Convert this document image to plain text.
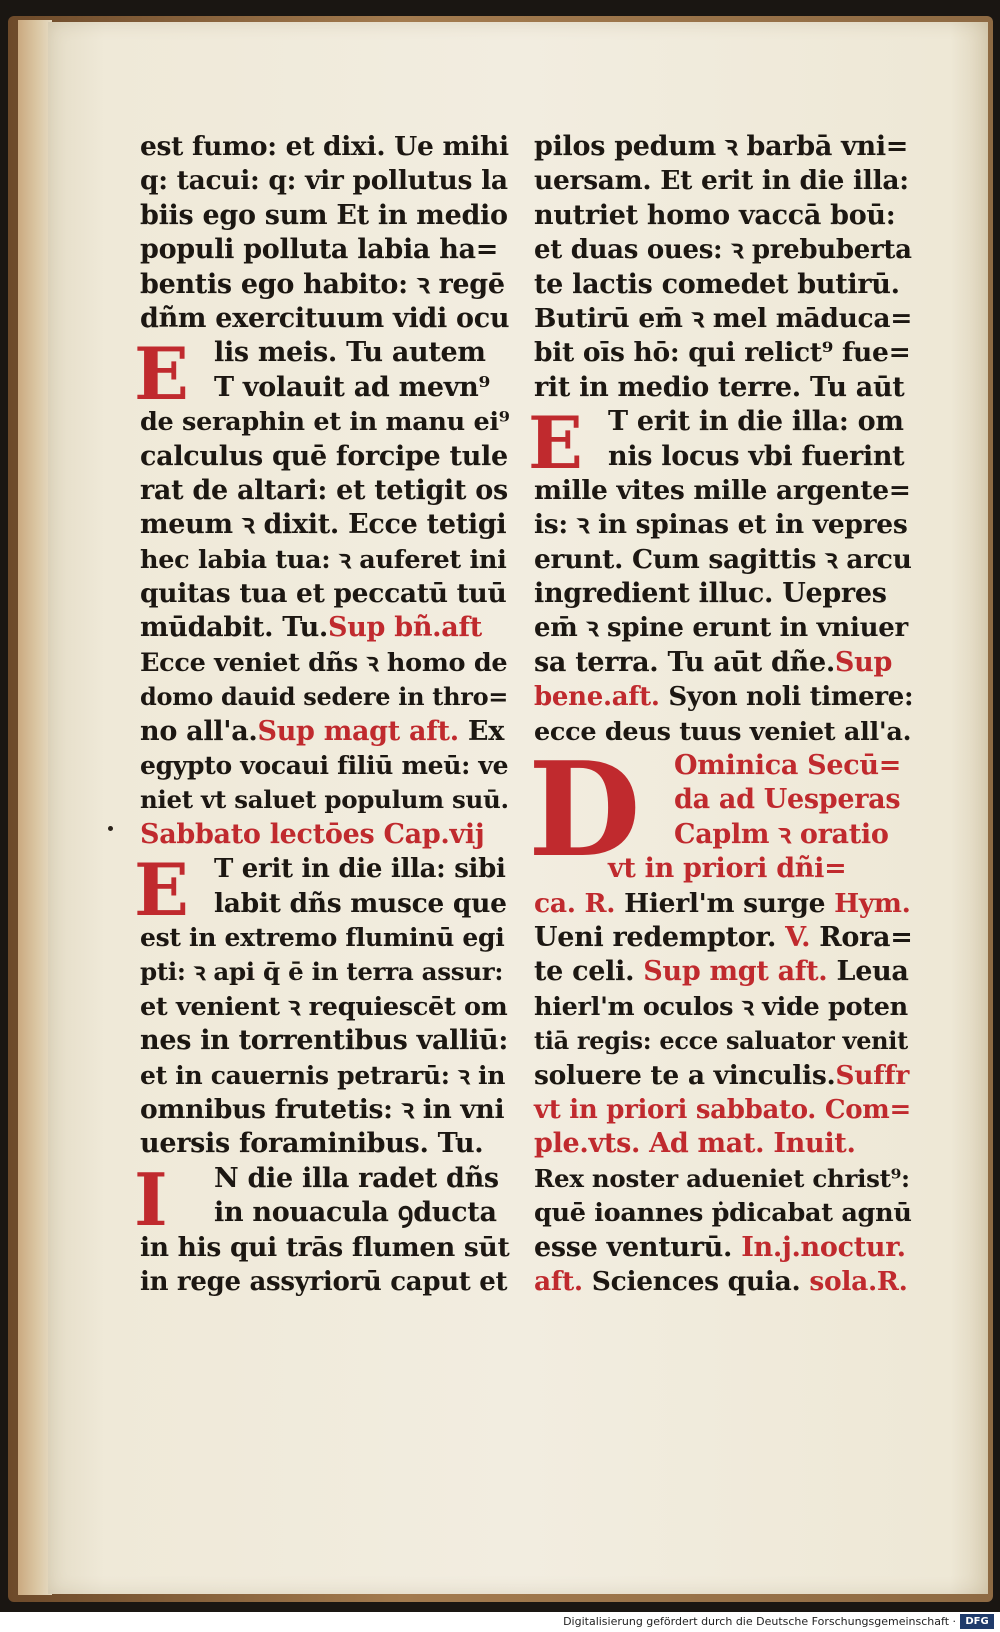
est fumo: et dixi. Ue mihi
q: tacui: q: vir pollutus la
biis ego sum Et in medio
populi polluta labia ha=
bentis ego habito: ꝛ regē
dñm exercituum vidi ocu
E lis meis. Tu autem
T volauit ad mevn⁹
de seraphin et in manu ei⁹
calculus quē forcipe tule
rat de altari: et tetigit os
meum ꝛ dixit. Ecce tetigi
hec labia tua: ꝛ auferet ini
quitas tua et peccatū tuū
mūdabit. Tu.Sup bñ.aft
Ecce veniet dñs ꝛ homo de
domo dauid sedere in thro=
no all'a.Sup magt aft. Ex
egypto vocaui filiū meū: ve
niet vt saluet populum suū.
Sabbato lectōes Cap.vij
E T erit in die illa: sibi
labit dñs musce que
est in extremo fluminū egi
pti: ꝛ api q̄ ē in terra assur:
et venient ꝛ requiescēt om
nes in torrentibus valliū:
et in cauernis petrarū: ꝛ in
omnibus frutetis: ꝛ in vni
uersis foraminibus. Tu.
I N die illa radet dñs
in nouacula ꝯducta
in his qui trās flumen sūt
in rege assyriorū caput et
pilos pedum ꝛ barbā vni=
uersam. Et erit in die illa:
nutriet homo vaccā boū:
et duas oues: ꝛ prebuberta
te lactis comedet butirū.
Butirū em̄ ꝛ mel māduca=
bit oīs hō: qui relict⁹ fue=
rit in medio terre. Tu aūt
E T erit in die illa: om
nis locus vbi fuerint
mille vites mille argente=
is: ꝛ in spinas et in vepres
erunt. Cum sagittis ꝛ arcu
ingredient illuc. Uepres
em̄ ꝛ spine erunt in vniuer
sa terra. Tu aūt dñe.Sup
bene.aft. Syon noli timere:
ecce deus tuus veniet all'a.
D Ominica Secū=
da ad Uesperas
Caplm ꝛ oratio
vt in priori dñi=
ca. R. Hierl'm surge Hym.
Ueni redemptor. V. Rora=
te celi. Sup mgt aft. Leua
hierl'm oculos ꝛ vide poten
tiā regis: ecce saluator venit
soluere te a vinculis.Suffr
vt in priori sabbato. Com=
ple.vts. Ad mat. Inuit.
Rex noster adueniet christ⁹:
quē ioannes ṗdicabat agnū
esse venturū. In.j.noctur.
aft. Sciences quia. sola.R.
Digitalisierung gefördert durch die Deutsche Forschungsgemeinschaft · DFG
